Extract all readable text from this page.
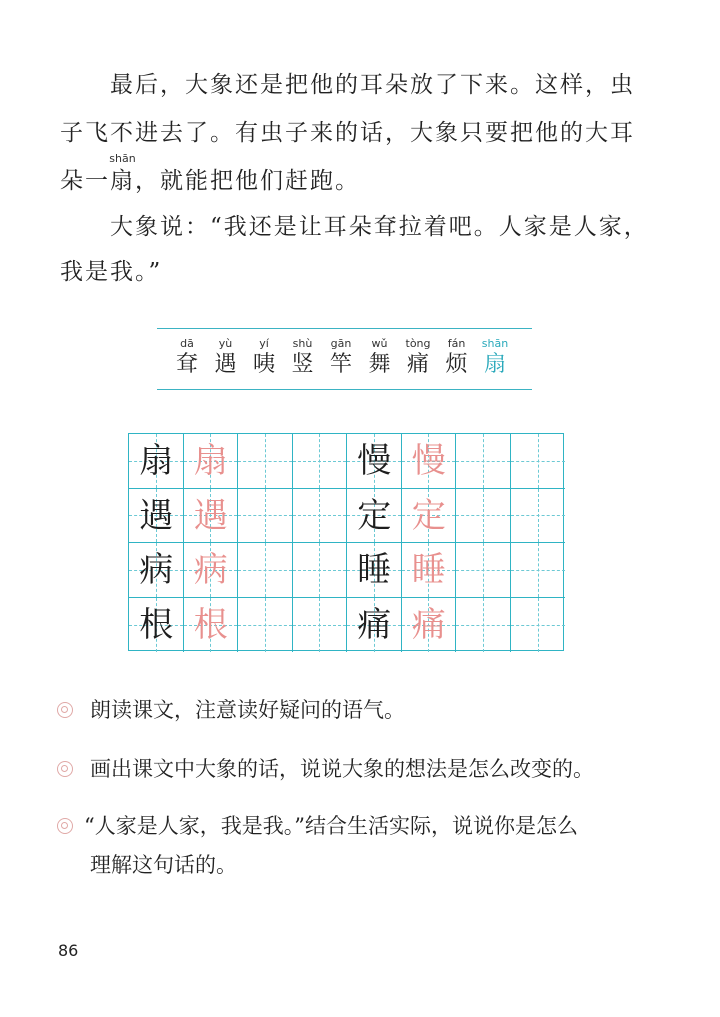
最后，大象还是把他的耳朵放了下来。这样，虫
子飞不进去了。有虫子来的话，大象只要把他的大耳
朵一
shān
扇，就能把他们赶跑。
大象说：“我还是让耳朵耷拉着吧。人家是人家，
我是我。”
dā
耷
yù
遇
yí
咦
shù
竖
gān
竿
wǔ
舞
tòng
痛
fán
烦
shān
扇
扇 扇	慢 慢
遇 遇	定 定
病 病	睡 睡
根 根	痛 痛
朗读课文，注意读好疑问的语气。
画出课文中大象的话，说说大象的想法是怎么改变的。
“人家是人家，我是我。”结合生活实际，说说你是怎么
理解这句话的。
86
